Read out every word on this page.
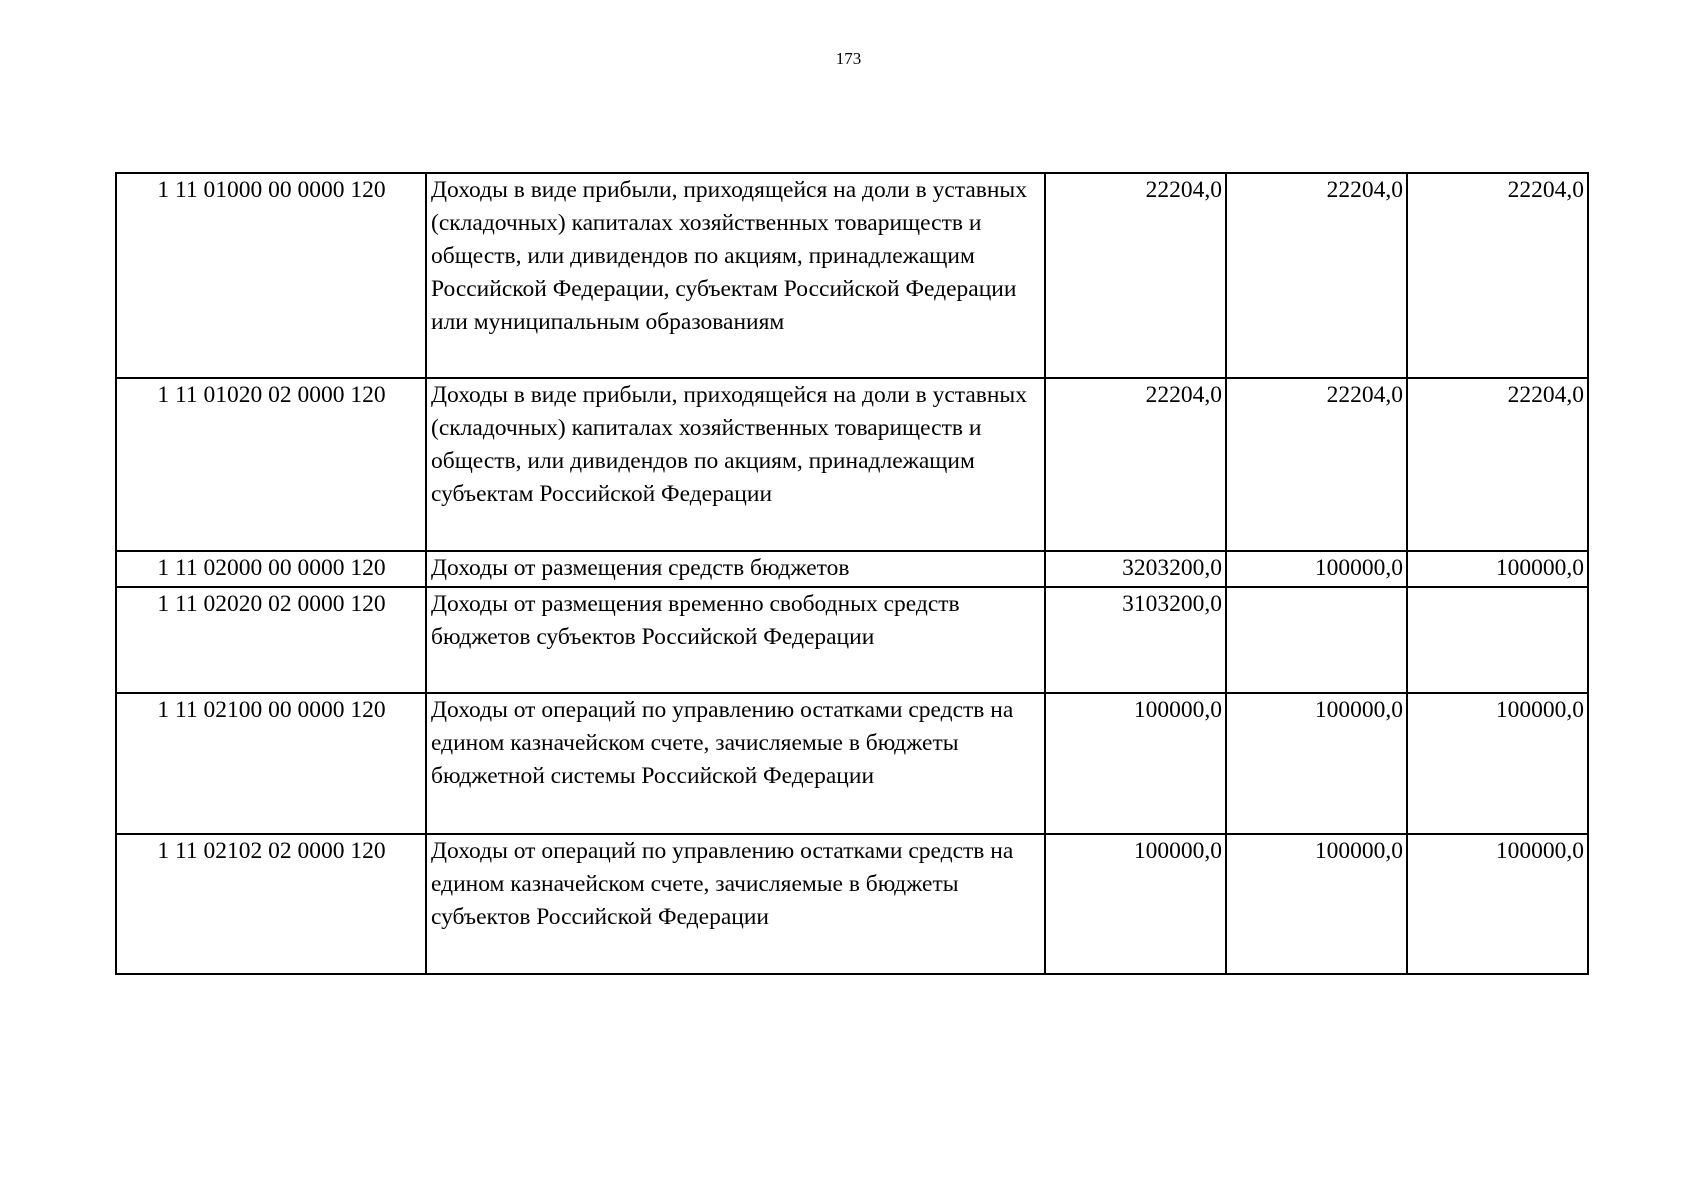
173
1 11 01000 00 0000 120	Доходы в виде прибыли, приходящейся на доли в уставных (складочных) капиталах хозяйственных товариществ и обществ, или дивидендов по акциям, принадлежащим Российской Федерации, субъектам Российской Федерации или муниципальным образованиям	22204,0	22204,0	22204,0
1 11 01020 02 0000 120	Доходы в виде прибыли, приходящейся на доли в уставных (складочных) капиталах хозяйственных товариществ и обществ, или дивидендов по акциям, принадлежащим субъектам Российской Федерации	22204,0	22204,0	22204,0
1 11 02000 00 0000 120	Доходы от размещения средств бюджетов	3203200,0	100000,0	100000,0
1 11 02020 02 0000 120	Доходы от размещения временно свободных средств бюджетов субъектов Российской Федерации	3103200,0		
1 11 02100 00 0000 120	Доходы от операций по управлению остатками средств на едином казначейском счете, зачисляемые в бюджеты бюджетной системы Российской Федерации	100000,0	100000,0	100000,0
1 11 02102 02 0000 120	Доходы от операций по управлению остатками средств на едином казначейском счете, зачисляемые в бюджеты субъектов Российской Федерации	100000,0	100000,0	100000,0
